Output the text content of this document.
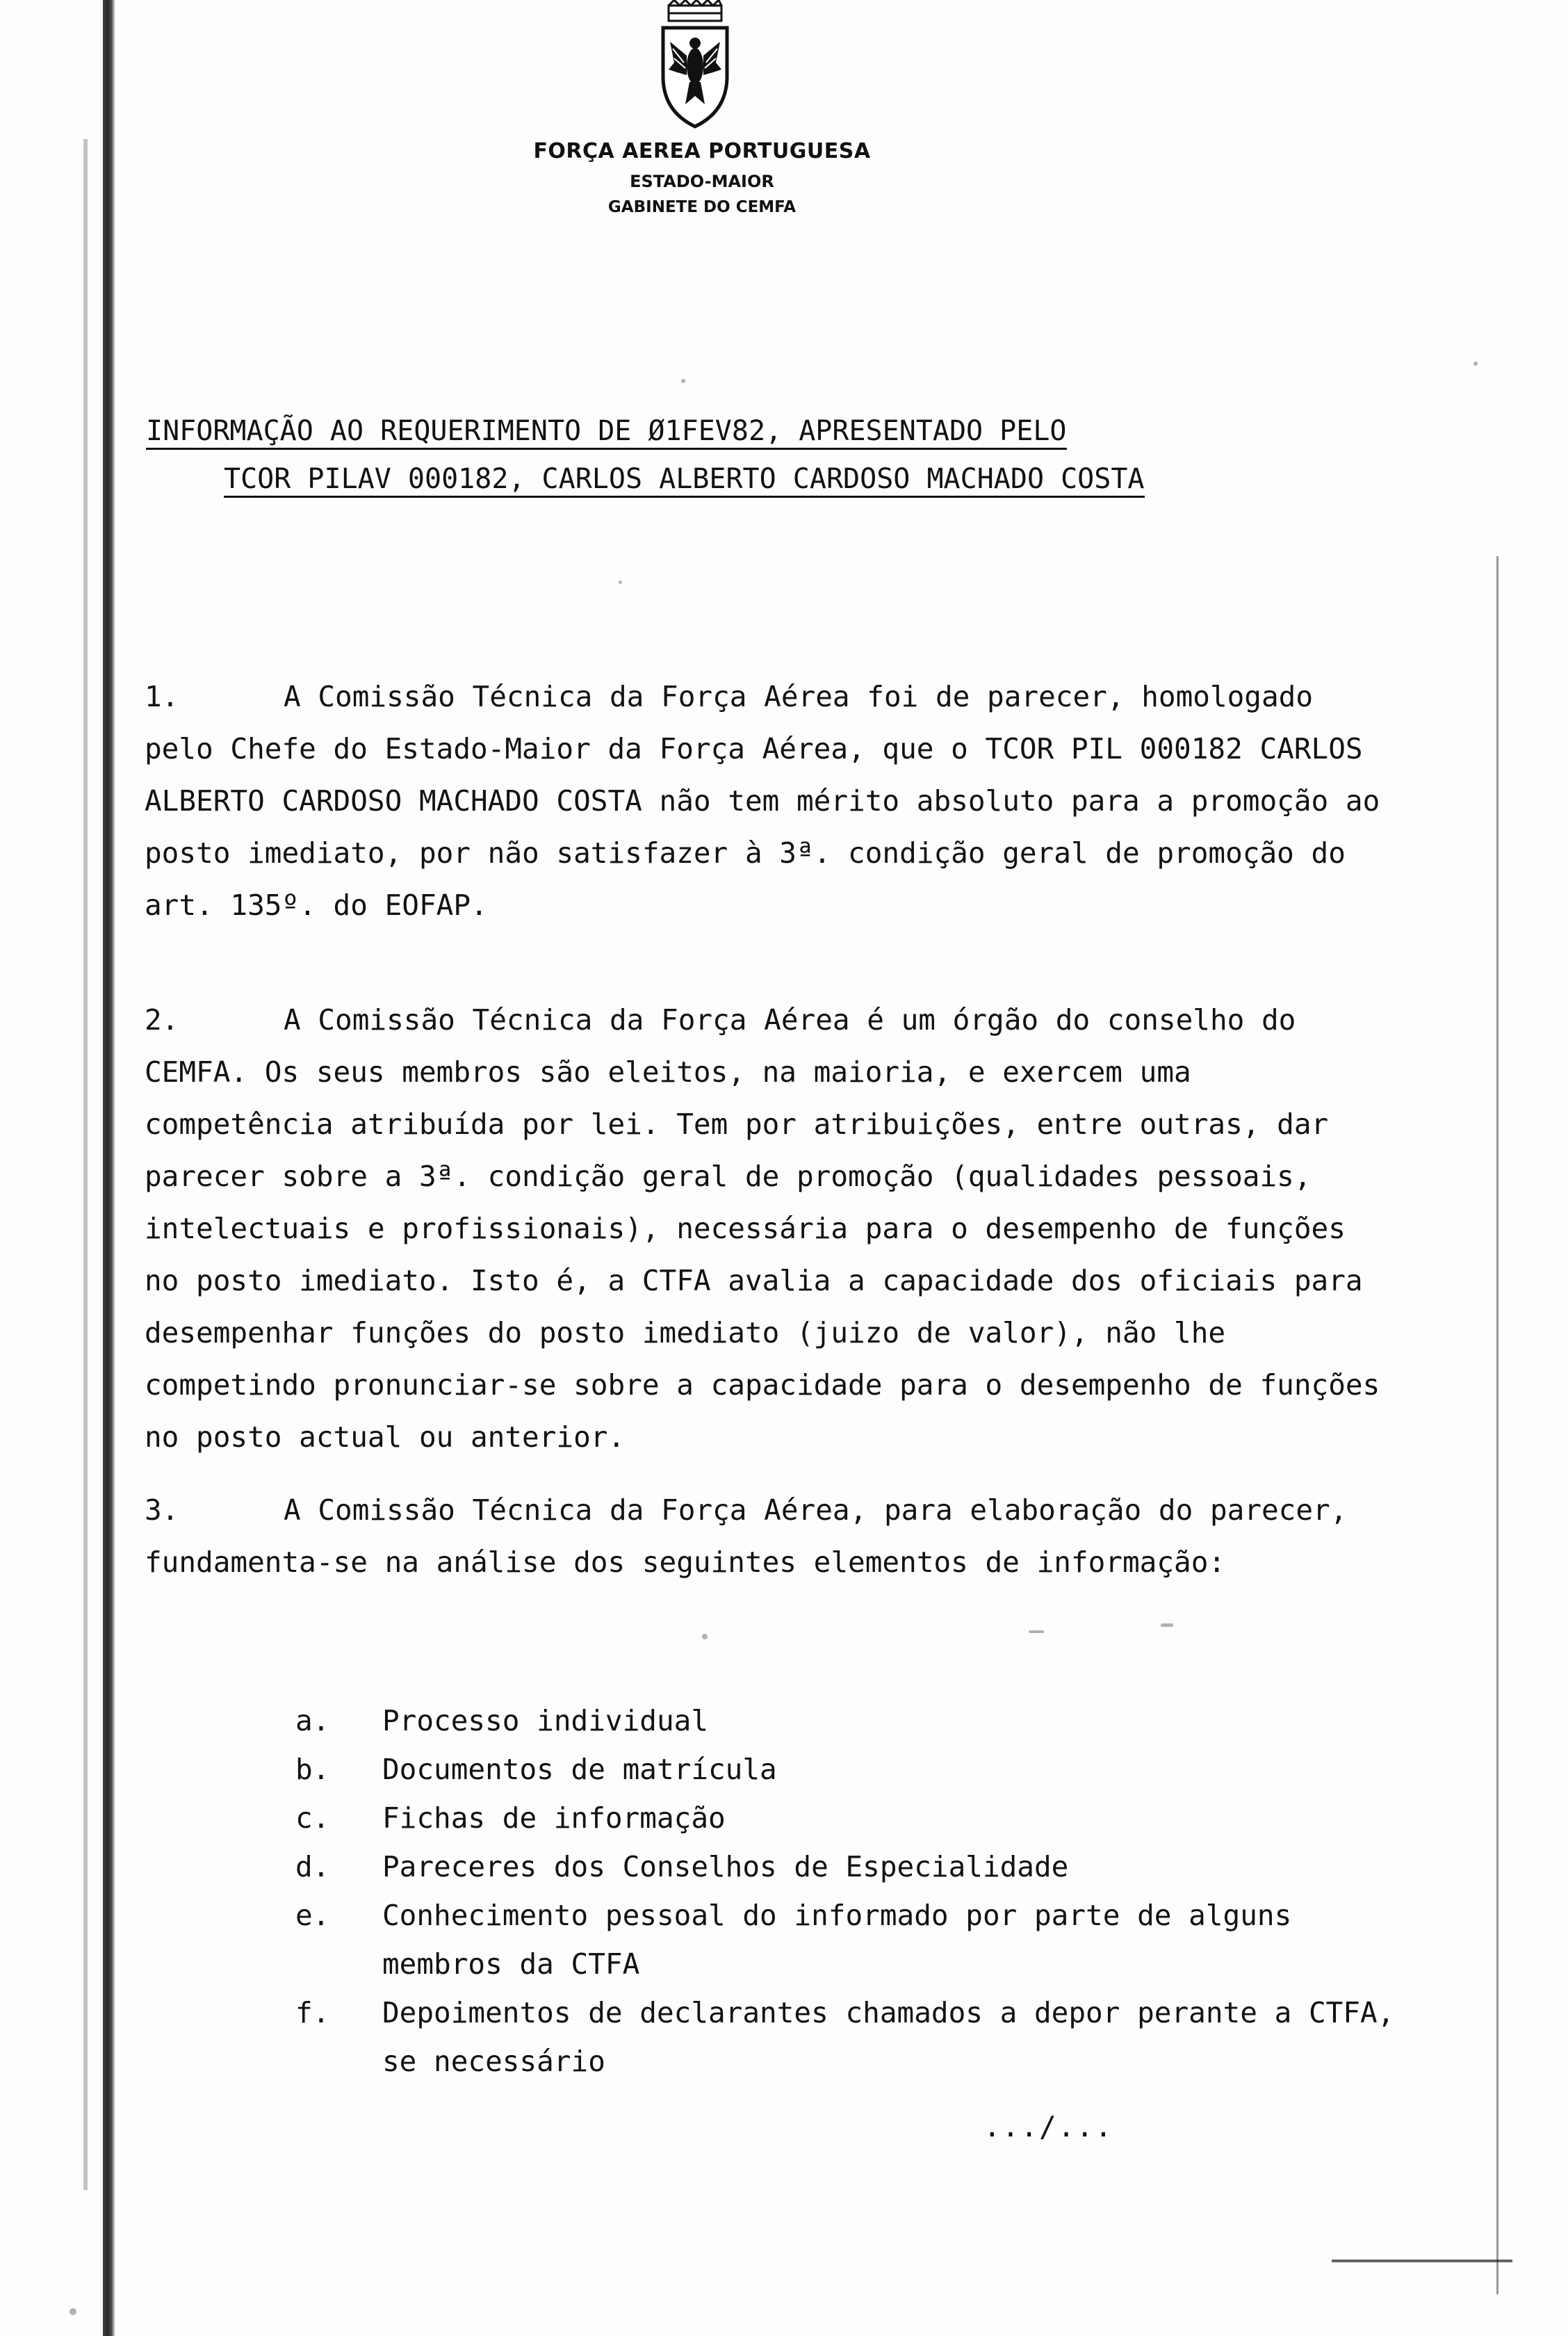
FORÇA AEREA PORTUGUESA
ESTADO-MAIOR
GABINETE DO CEMFA
INFORMAÇÃO AO REQUERIMENTO DE Ø1FEV82, APRESENTADO PELO
TCOR PILAV 000182, CARLOS ALBERTO CARDOSO MACHADO COSTA

1.	A Comissão Técnica da Força Aérea foi de parecer, homologado pelo Chefe do Estado-Maior da Força Aérea, que o TCOR PIL 000182 CARLOS ALBERTO CARDOSO MACHADO COSTA não tem mérito absoluto para a promoção ao posto imediato, por não satisfazer à 3ª. condição geral de promoção do art. 135º. do EOFAP.

2.	A Comissão Técnica da Força Aérea é um órgão do conselho do CEMFA. Os seus membros são eleitos, na maioria, e exercem uma competência atribuída por lei. Tem por atribuições, entre outras, dar parecer sobre a 3ª. condição geral de promoção (qualidades pessoais, intelectuais e profissionais), necessária para o desempenho de funções no posto imediato. Isto é, a CTFA avalia a capacidade dos oficiais para desempenhar funções do posto imediato (juizo de valor), não lhe competindo pronunciar-se sobre a capacidade para o desempenho de funções no posto actual ou anterior.

3.	A Comissão Técnica da Força Aérea, para elaboração do parecer, fundamenta-se na análise dos seguintes elementos de informação:

a.	Processo individual
b.	Documentos de matrícula
c.	Fichas de informação
d.	Pareceres dos Conselhos de Especialidade
e.	Conhecimento pessoal do informado por parte de alguns membros da CTFA
f.	Depoimentos de declarantes chamados a depor perante a CTFA, se necessário
.../...
